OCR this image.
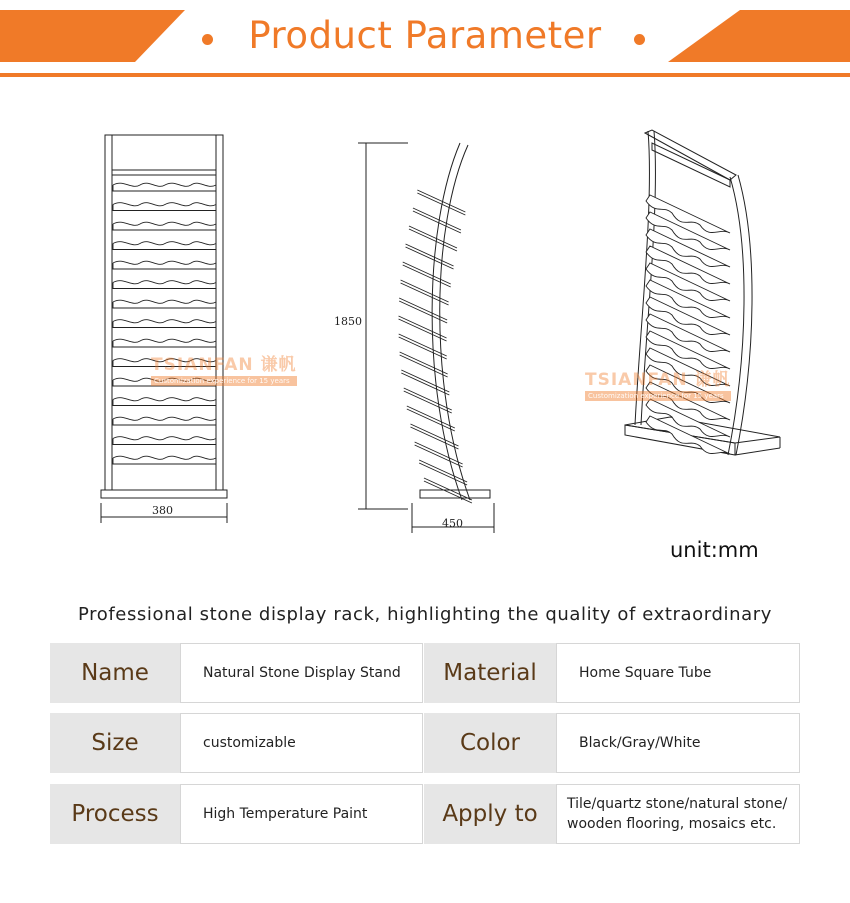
Product Parameter
380
TSIANFAN 谦帆
Customization experience for 15 years
1850
450
TSIANFAN 谦帆
Customization experience for 15 years
unit:mm
Professional stone display rack, highlighting the quality of extraordinary
Name	Natural Stone Display Stand	Material	Home Square Tube
Size	customizable	Color	Black/Gray/White
Process	High Temperature Paint	Apply to	Tile/quartz stone/natural stone/
wooden flooring, mosaics etc.
